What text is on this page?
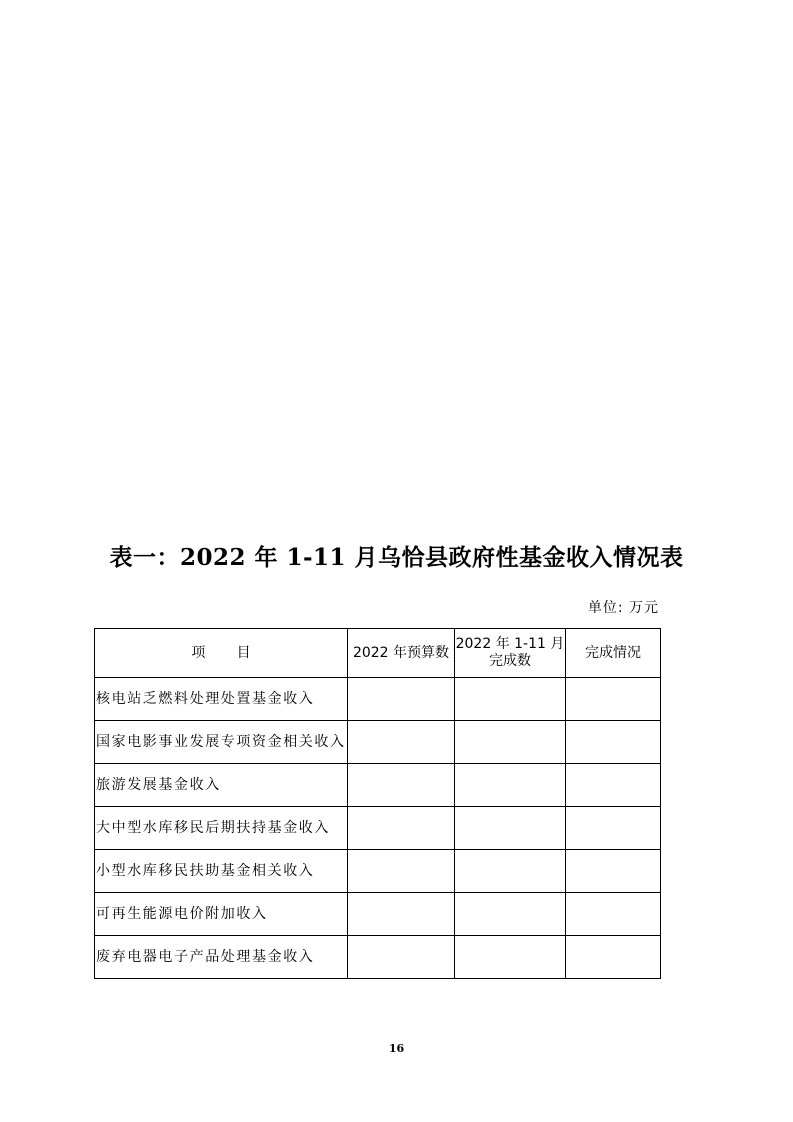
表一：2022 年 1-11 月乌恰县政府性基金收入情况表
单位: 万元
项       目	2022 年预算数	2022 年 1-11 月完成数	完成情况
核电站乏燃料处理处置基金收入			
国家电影事业发展专项资金相关收入			
旅游发展基金收入			
大中型水库移民后期扶持基金收入			
小型水库移民扶助基金相关收入			
可再生能源电价附加收入			
废弃电器电子产品处理基金收入			
16
